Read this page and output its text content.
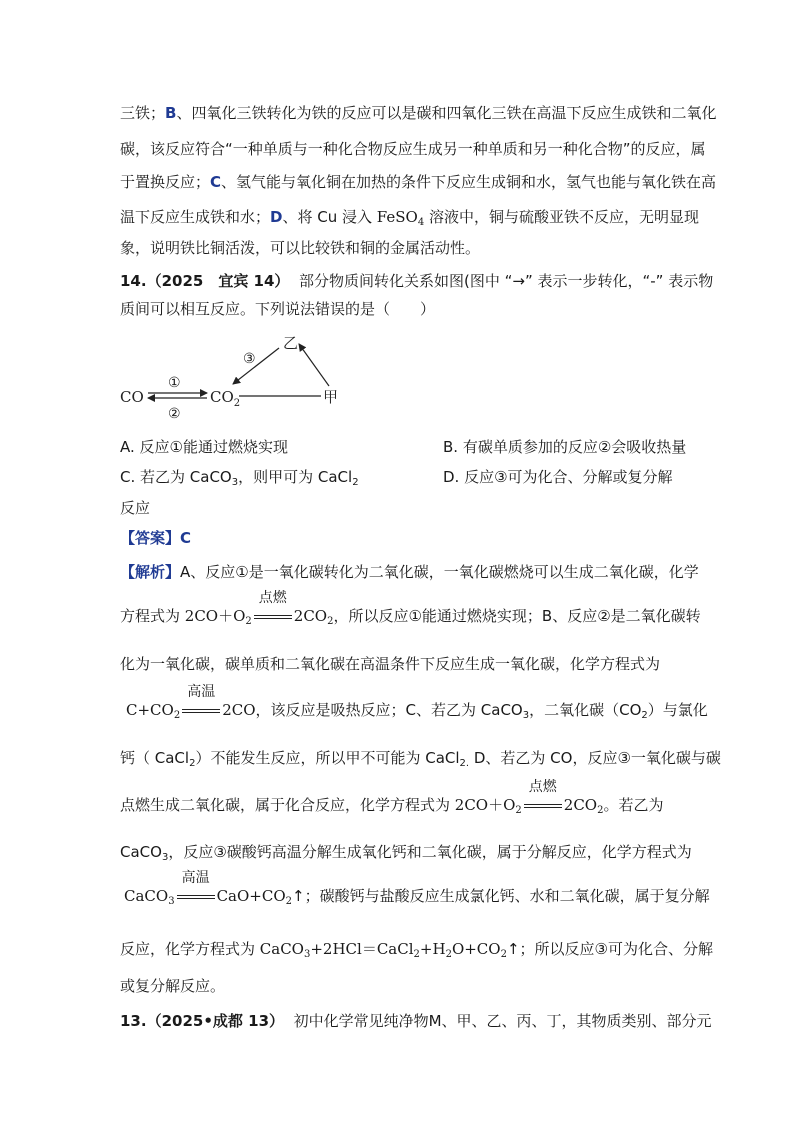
三铁；B、四氧化三铁转化为铁的反应可以是碳和四氧化三铁在高温下反应生成铁和二氧化
碳，该反应符合“一种单质与一种化合物反应生成另一种单质和另一种化合物”的反应，属
于置换反应；C、氢气能与氧化铜在加热的条件下反应生成铜和水，氢气也能与氧化铁在高
温下反应生成铁和水；D、将 Cu 浸入 FeSO$_4$ 溶液中，铜与硫酸亚铁不反应，无明显现
象，说明铁比铜活泼，可以比较铁和铜的金属活动性。
14.（2025　宜宾 14） 部分物质间转化关系如图(图中 “→” 表示一步转化，“-” 表示物
质间可以相互反应。下列说法错误的是（　　）
CO	$CO_2$
乙
甲
①
②
③
A. 反应①能通过燃烧实现	B. 有碳单质参加的反应②会吸收热量
C. 若乙为 CaCO$_3$，则甲可为 CaCl$_2$	D. 反应③可为化合、分解或复分解
反应
【答案】C
【解析】A、反应①是一氧化碳转化为二氧化碳，一氧化碳燃烧可以生成二氧化碳，化学
方程式为 $2CO+O_2$
点燃
$2CO_2$，所以反应①能通过燃烧实现；B、反应②是二氧化碳转
化为一氧化碳，碳单质和二氧化碳在高温条件下反应生成一氧化碳，化学方程式为
$C+CO_2$
高温
2CO，该反应是吸热反应；C、若乙为 CaCO$_3$，二氧化碳$(CO_2)$与氯化
钙（ CaCl$_2$）不能发生反应，所以甲不可能为 CaCl$_{2.}$ D、若乙为 CO，反应③一氧化碳与碳
点燃生成二氧化碳，属于化合反应，化学方程式为 $2CO+O_2$
点燃
$2CO_2$。若乙为
CaCO$_3$，反应③碳酸钙高温分解生成氧化钙和二氧化碳，属于分解反应，化学方程式为
CaCO$_3$
高温
$CaO+CO_2↑$；碳酸钙与盐酸反应生成氯化钙、水和二氧化碳，属于复分解
反应，化学方程式为 $CaCO_3+2HCl=CaCl_2+H_2O+CO_2↑$；所以反应③可为化合、分解
或复分解反应。
13.（2025•成都 13） 初中化学常见纯净物M、甲、乙、丙、丁，其物质类别、部分元
